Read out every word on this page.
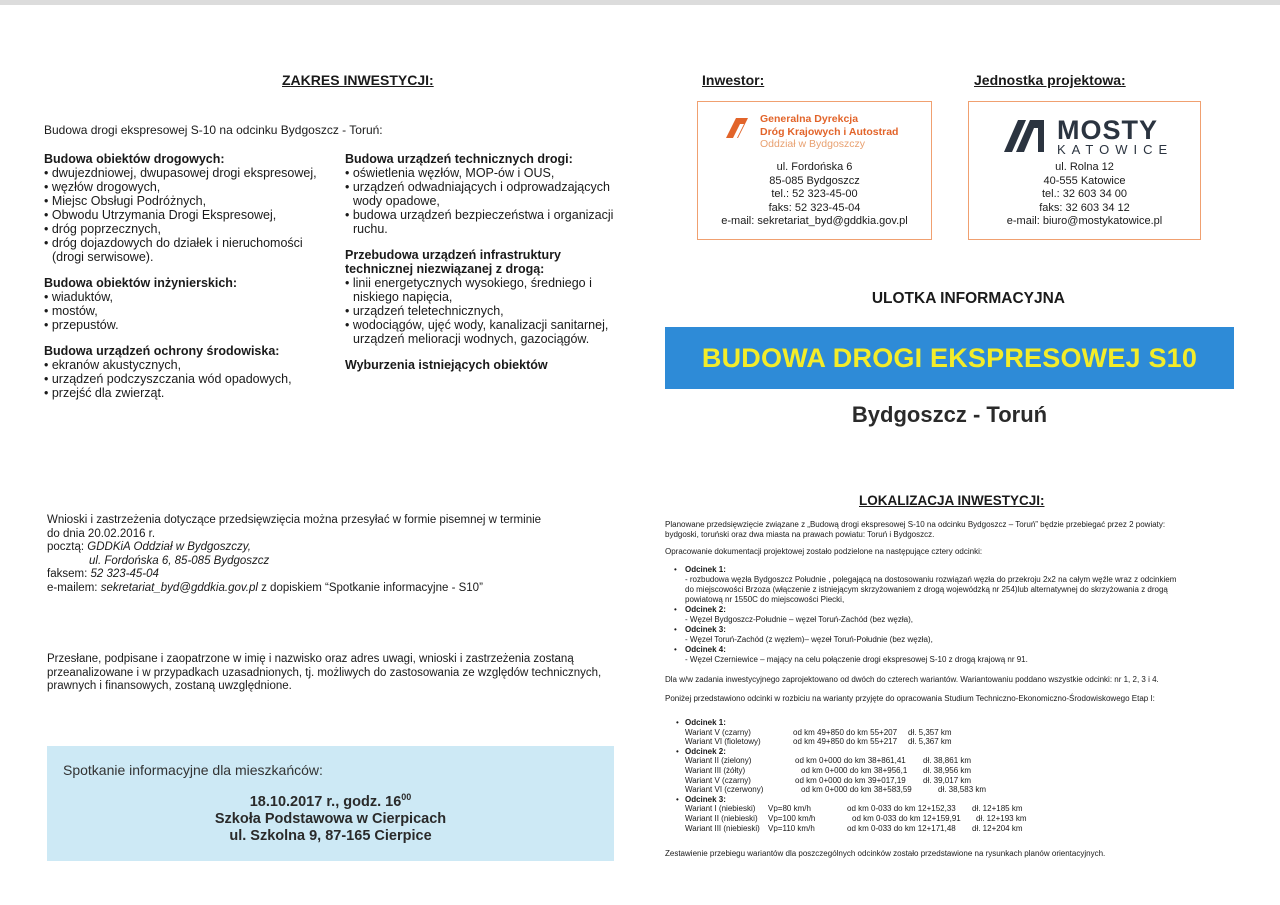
ZAKRES INWESTYCJI:
Budowa drogi ekspresowej S-10 na odcinku Bydgoszcz - Toruń:
Budowa obiektów drogowych:
• dwujezdniowej, dwupasowej drogi ekspresowej,
• węzłów drogowych,
• Miejsc Obsługi Podróżnych,
• Obwodu Utrzymania Drogi Ekspresowej,
• dróg poprzecznych,
• dróg dojazdowych do działek i nieruchomości (drogi serwisowe).
Budowa obiektów inżynierskich:
• wiaduktów,
• mostów,
• przepustów.
Budowa urządzeń ochrony środowiska:
• ekranów akustycznych,
• urządzeń podczyszczania wód opadowych,
• przejść dla zwierząt.
Budowa urządzeń technicznych drogi:
• oświetlenia węzłów, MOP-ów i OUS,
• urządzeń odwadniających i odprowadzających wody opadowe,
• budowa urządzeń bezpieczeństwa i organizacji ruchu.
Przebudowa urządzeń infrastruktury technicznej niezwiązanej z drogą:
• linii energetycznych wysokiego, średniego i niskiego napięcia,
• urządzeń teletechnicznych,
• wodociągów, ujęć wody, kanalizacji sanitarnej, urządzeń melioracji wodnych, gazociągów.
Wyburzenia istniejących obiektów
Wnioski i zastrzeżenia dotyczące przedsięwzięcia można przesyłać w formie pisemnej w terminie
do dnia 20.02.2016 r.
pocztą: GDDKiA Oddział w Bydgoszczy,
ul. Fordońska 6, 85-085 Bydgoszcz
faksem: 52 323-45-04
e-mailem: sekretariat_byd@gddkia.gov.pl z dopiskiem “Spotkanie informacyjne - S10”
Przesłane, podpisane i zaopatrzone w imię i nazwisko oraz adres uwagi, wnioski i zastrzeżenia zostaną
przeanalizowane i w przypadkach uzasadnionych, tj. możliwych do zastosowania ze względów technicznych,
prawnych i finansowych, zostaną uwzględnione.
Spotkanie informacyjne dla mieszkańców:
18.10.2017 r., godz. $16^{00}$
Szkoła Podstawowa w Cierpicach
ul. Szkolna 9, 87-165 Cierpice
Inwestor:	Jednostka projektowa:
Generalna Dyrekcja
Dróg Krajowych i Autostrad
Oddział w Bydgoszczy
ul. Fordońska 6
85-085 Bydgoszcz
tel.: 52 323-45-00
faks: 52 323-45-04
e-mail: sekretariat_byd@gddkia.gov.pl
MOSTY
KATOWICE
ul. Rolna 12
40-555 Katowice
tel.: 32 603 34 00
faks: 32 603 34 12
e-mail: biuro@mostykatowice.pl
ULOTKA INFORMACYJNA
BUDOWA DROGI EKSPRESOWEJ S10
Bydgoszcz - Toruń
LOKALIZACJA INWESTYCJI:

Planowane przedsięwzięcie związane z „Budową drogi ekspresowej S-10 na odcinku Bydgoszcz – Toruń” będzie przebiegać przez 2 powiaty:

bydgoski, toruński oraz dwa miasta na prawach powiatu: Toruń i Bydgoszcz.

Opracowanie dokumentacji projektowej zostało podzielone na następujące cztery odcinki:

• Odcinek 1:
- rozbudowa węzła Bydgoszcz Południe , polegającą na dostosowaniu rozwiązań węzła do przekroju 2x2 na całym węźle wraz z odcinkiem
do miejscowości Brzoza (włączenie z istniejącym skrzyżowaniem z drogą wojewódzką nr 254)lub alternatywnej do skrzyżowania z drogą
powiatową nr 1550C do miejscowości Piecki,
• Odcinek 2:
- Węzeł Bydgoszcz-Południe – węzeł Toruń-Zachód (bez węzła),
• Odcinek 3:
- Węzeł Toruń-Zachód (z węzłem)– węzeł Toruń-Południe (bez węzła),
• Odcinek 4:
- Węzeł Czerniewice – mający na celu połączenie drogi ekspresowej S-10 z drogą krajową nr 91.

Dla w/w zadania inwestycyjnego zaprojektowano od dwóch do czterech wariantów. Wariantowaniu poddano wszystkie odcinki: nr 1, 2, 3 i 4.

Poniżej przedstawiono odcinki w rozbiciu na warianty przyjęte do opracowania Studium Techniczno-Ekonomiczno-Środowiskowego Etap I:

• Odcinek 1:
Wariant V (czarny)	od km 49+850 do km 55+207 dł. 5,357 km
Wariant VI (fioletowy)	od km 49+850 do km 55+217 dł. 5,367 km
• Odcinek 2:
Wariant II (zielony)	od km 0+000 do km 38+861,41 dł. 38,861 km
Wariant III (żółty)	od km 0+000 do km 38+956,1 dł. 38,956 km
Wariant V (czarny)	od km 0+000 do km 39+017,19 dł. 39,017 km
Wariant VI (czerwony)	od km 0+000 do km 38+583,59	dł. 38,583 km
• Odcinek 3:
Wariant I (niebieski) Vp=80 km/h	od km 0-033 do km 12+152,33 dł. 12+185 km
Wariant II (niebieski) Vp=100 km/h	od km 0-033 do km 12+159,91 dł. 12+193 km
Wariant III (niebieski) Vp=110 km/h	od km 0-033 do km 12+171,48 dł. 12+204 km
Zestawienie przebiegu wariantów dla poszczególnych odcinków zostało przedstawione na rysunkach planów orientacyjnych.
